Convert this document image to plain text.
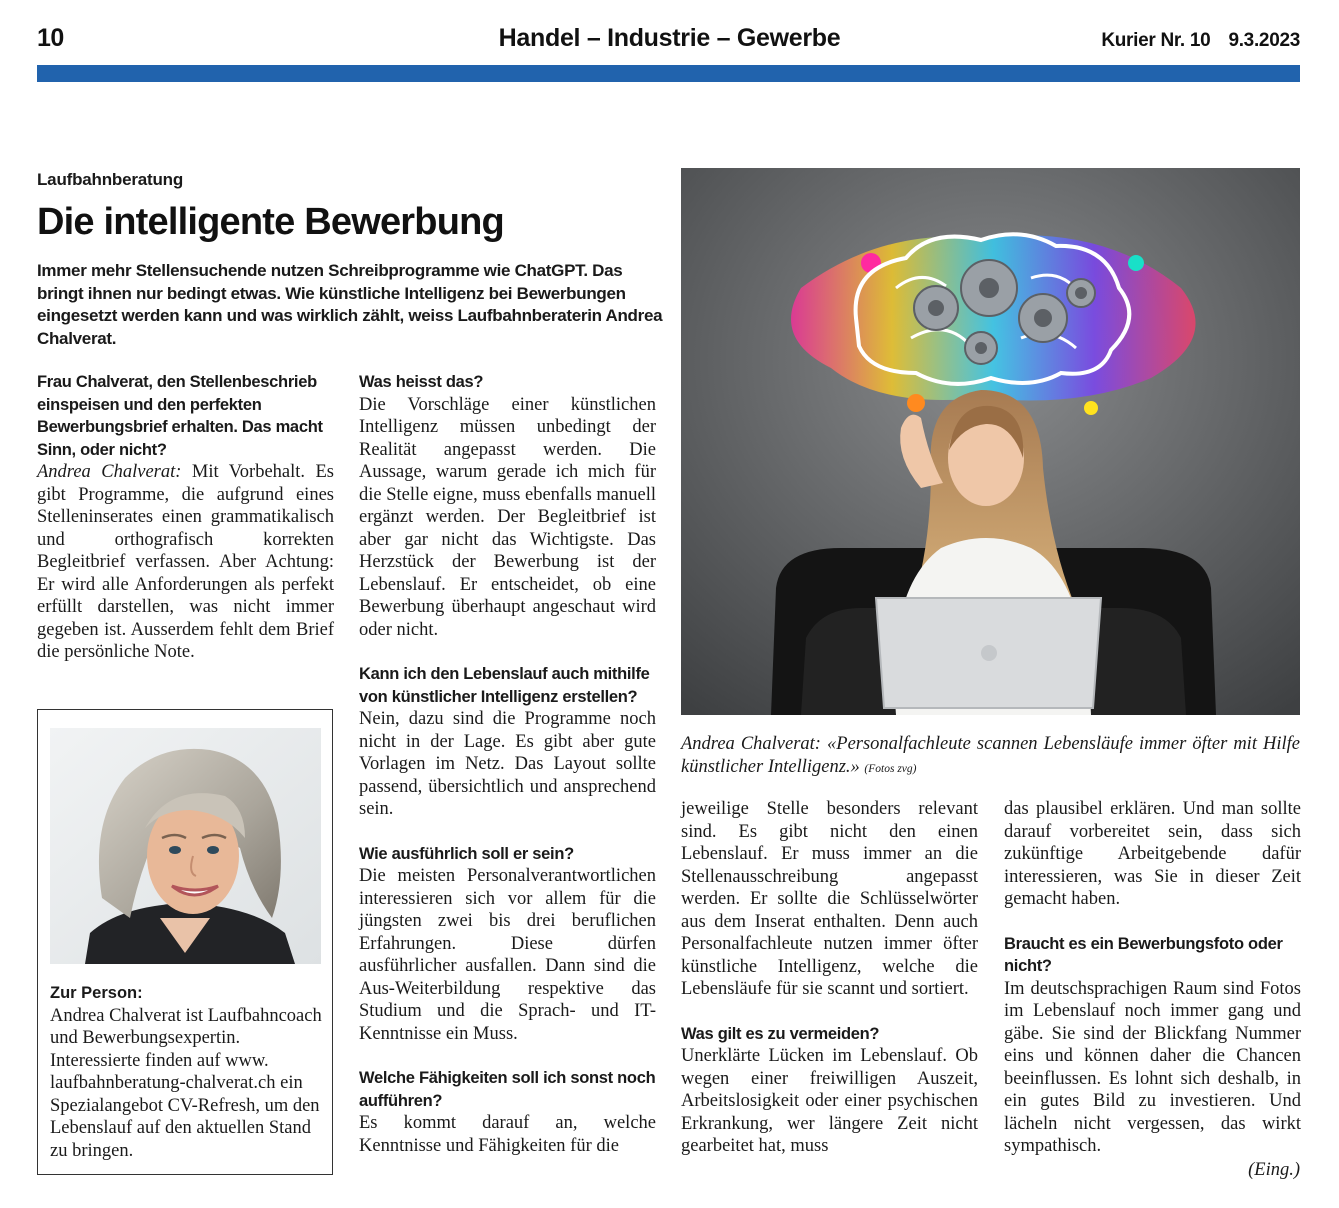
10	Handel – Industrie – Gewerbe	Kurier Nr. 10 9.3.2023
Laufbahnberatung
Die intelligente Bewerbung

Immer mehr Stellensuchende nutzen Schreibprogramme wie ChatGPT. Das bringt ihnen nur bedingt etwas. Wie künstliche Intelligenz bei Bewerbungen eingesetzt werden kann und was wirklich zählt, weiss Laufbahnberaterin Andrea Chalverat.

Frau Chalverat, den Stellenbeschrieb einspeisen und den perfekten Bewerbungsbrief erhalten. Das macht Sinn, oder nicht?

Andrea Chalverat: Mit Vorbehalt. Es gibt Programme, die aufgrund eines Stelleninserates einen grammatikalisch und orthografisch korrekten Begleitbrief verfassen. Aber Achtung: Er wird alle Anforderungen als perfekt erfüllt darstellen, was nicht immer gegeben ist. Ausserdem fehlt dem Brief die persönliche Note.

Zur Person:

Andrea Chalverat ist Laufbahncoach und Bewerbungsexpertin. Interessierte finden auf www. laufbahnberatung-chalverat.ch ein Spezialangebot CV-Refresh, um den Lebenslauf auf den aktuellen Stand zu bringen.

Was heisst das?

Die Vorschläge einer künstlichen Intelligenz müssen unbedingt der Realität angepasst werden. Die Aussage, warum gerade ich mich für die Stelle eigne, muss ebenfalls manuell ergänzt werden. Der Begleitbrief ist aber gar nicht das Wichtigste. Das Herzstück der Bewerbung ist der Lebenslauf. Er entscheidet, ob eine Bewerbung überhaupt angeschaut wird oder nicht.

Kann ich den Lebenslauf auch mithilfe von künstlicher Intelligenz erstellen?

Nein, dazu sind die Programme noch nicht in der Lage. Es gibt aber gute Vorlagen im Netz. Das Layout sollte passend, übersichtlich und ansprechend sein.

Wie ausführlich soll er sein?

Die meisten Personalverantwortlichen interessieren sich vor allem für die jüngsten zwei bis drei beruflichen Erfahrungen. Diese dürfen ausführlicher ausfallen. Dann sind die Aus-Weiterbildung respektive das Studium und die Sprach- und IT-Kenntnisse ein Muss.

Welche Fähigkeiten soll ich sonst noch aufführen?

Es kommt darauf an, welche Kenntnisse und Fähigkeiten für die

Andrea Chalverat: «Personalfachleute scannen Lebensläufe immer öfter mit Hilfe künstlicher Intelligenz.» (Fotos zvg)

jeweilige Stelle besonders relevant sind. Es gibt nicht den einen Lebenslauf. Er muss immer an die Stellenausschreibung angepasst werden. Er sollte die Schlüsselwörter aus dem Inserat enthalten. Denn auch Personalfachleute nutzen immer öfter künstliche Intelligenz, welche die Lebensläufe für sie scannt und sortiert.

Was gilt es zu vermeiden?

Unerklärte Lücken im Lebenslauf. Ob wegen einer freiwilligen Auszeit, Arbeitslosigkeit oder einer psychischen Erkrankung, wer längere Zeit nicht gearbeitet hat, muss

das plausibel erklären. Und man sollte darauf vorbereitet sein, dass sich zukünftige Arbeitgebende dafür interessieren, was Sie in dieser Zeit gemacht haben.

Braucht es ein Bewerbungsfoto oder nicht?

Im deutschsprachigen Raum sind Fotos im Lebenslauf noch immer gang und gäbe. Sie sind der Blickfang Nummer eins und können daher die Chancen beeinflussen. Es lohnt sich deshalb, in ein gutes Bild zu investieren. Und lächeln nicht vergessen, das wirkt sympathisch.

(Eing.)
